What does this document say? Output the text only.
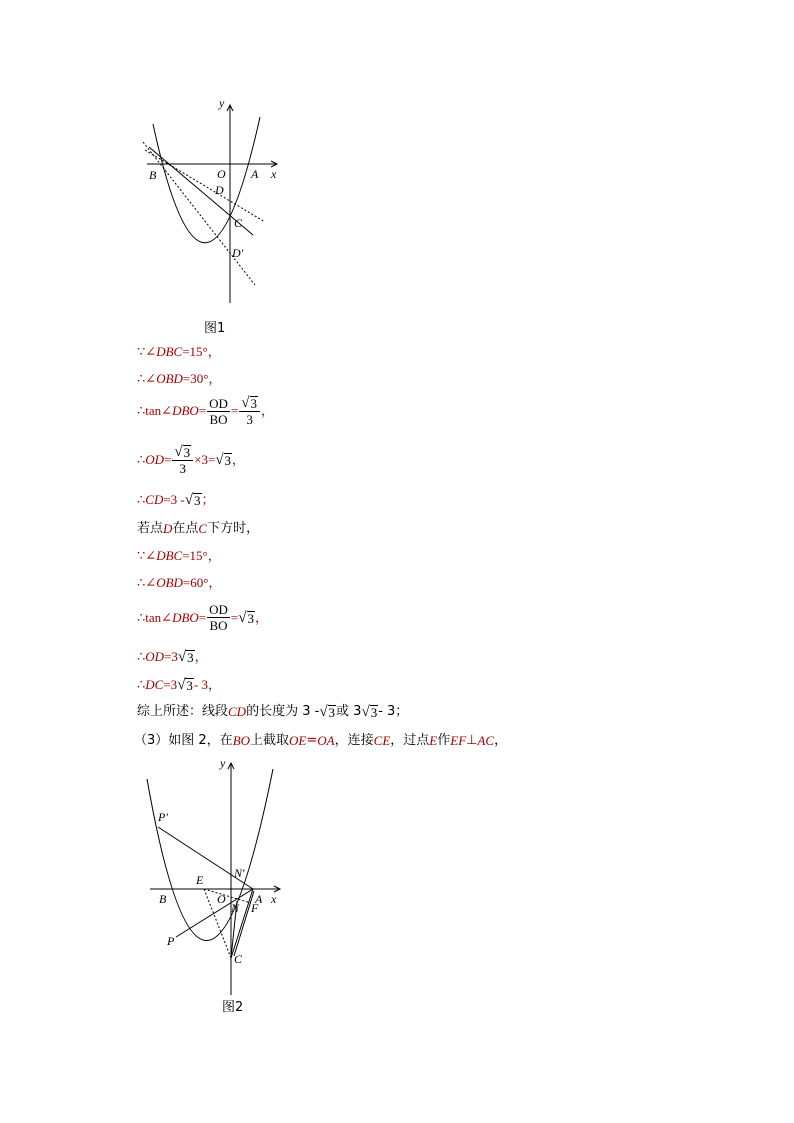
y
x
O A
B
D
C
D′
图1
∵ ∠ DBC =15°，
∴ ∠ OBD =30°，
∴ tan ∠ DBO = $\frac{OD}{BO} = \frac{√ 3}{3}$ ，
∴ OD = $\frac{√ 3}{3} \times 3=$ √ 3 ，
∴ CD =3 - √ 3 ；
若点 D 在点 C 下方时，
∵ ∠ DBC =15°，
∴ ∠ OBD =60°，
∴ tan ∠ DBO = $\frac{OD}{BO}$ = √ 3 ，
∴ OD =3 √ 3 ，
∴ DC =3 √ 3 - 3，
综上所述：线段 CD 的长度为 3 - √ 3 或 3 √ 3 - 3；
（3）如图 2，在 BO 上截取 OE = OA ，连接 CE ，过点 E 作 EF ⊥ AC ，
y
x
O A
B
E	N′
N F
C
P
P′
图2
